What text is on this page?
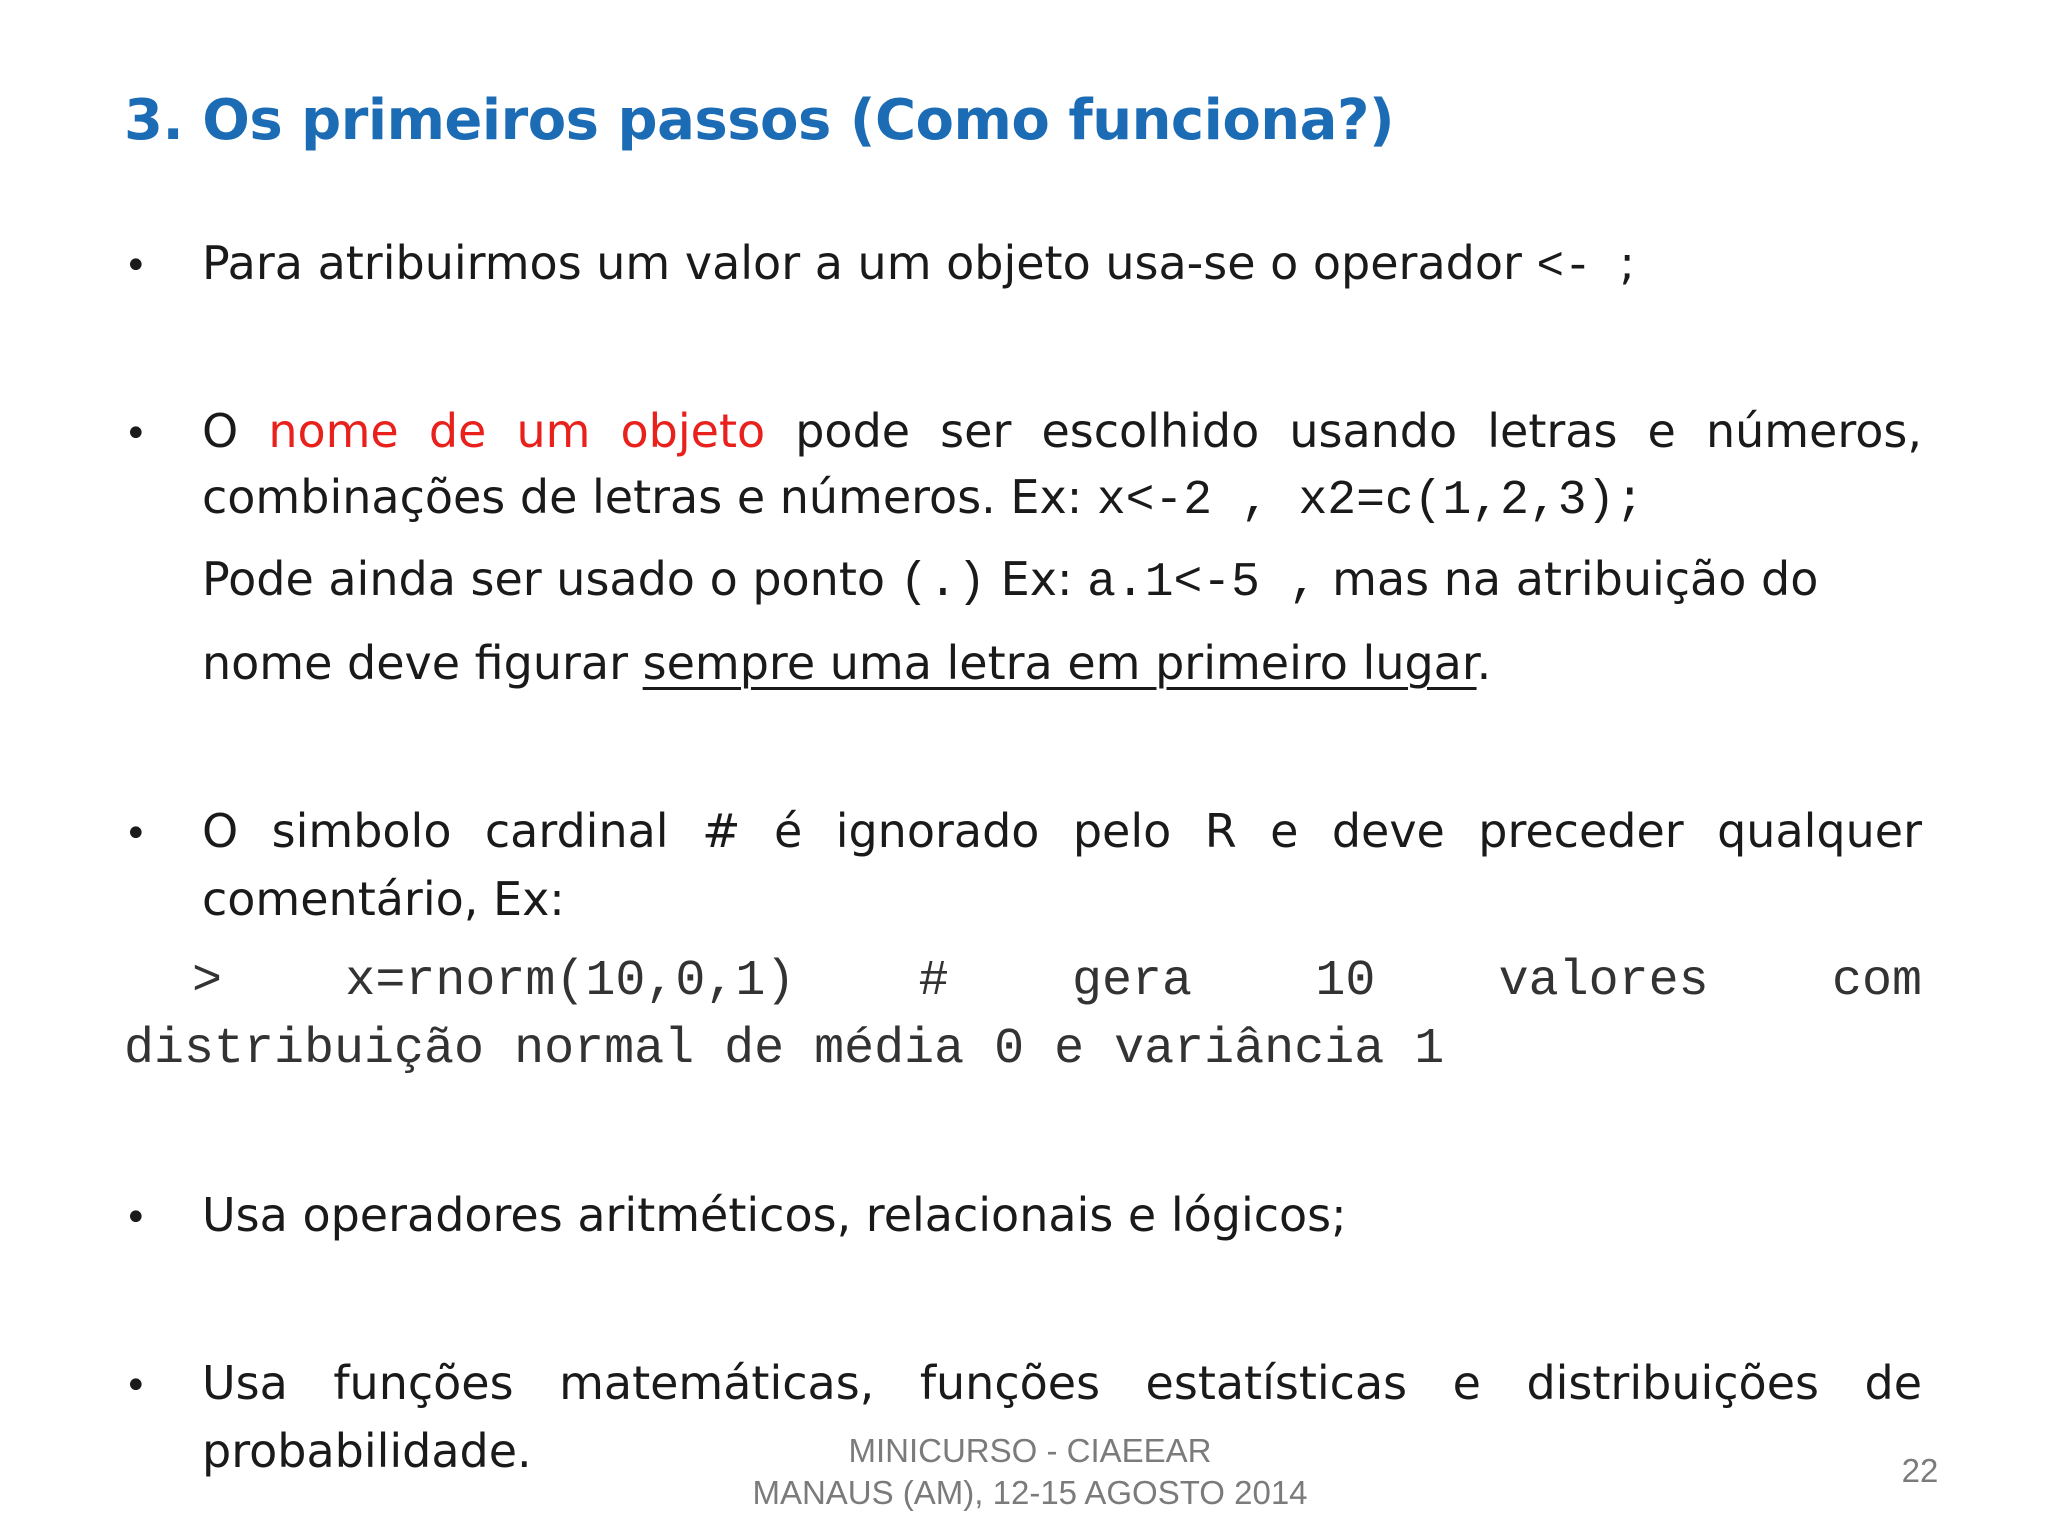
3. Os primeiros passos (Como funciona?)
• Para atribuirmos um valor a um objeto usa-se o operador <- ;
• O nome de um objeto pode ser escolhido usando letras e números,
combinações de letras e números. Ex: x<-2 , x2=c(1,2,3);
Pode ainda ser usado o ponto (.) Ex: a.1<-5 , mas na atribuição do
nome deve figurar sempre uma letra em primeiro lugar.
• O simbolo cardinal # é ignorado pelo R e deve preceder qualquer
comentário, Ex:
> x=rnorm(10,0,1) # gera 10 valores com
distribuição normal de média 0 e variância 1
• Usa operadores aritméticos, relacionais e lógicos;
• Usa funções matemáticas, funções estatísticas e distribuições de
probabilidade.	MINICURSO - CIAEEAR
MANAUS (AM), 12-15 AGOSTO 2014
22
